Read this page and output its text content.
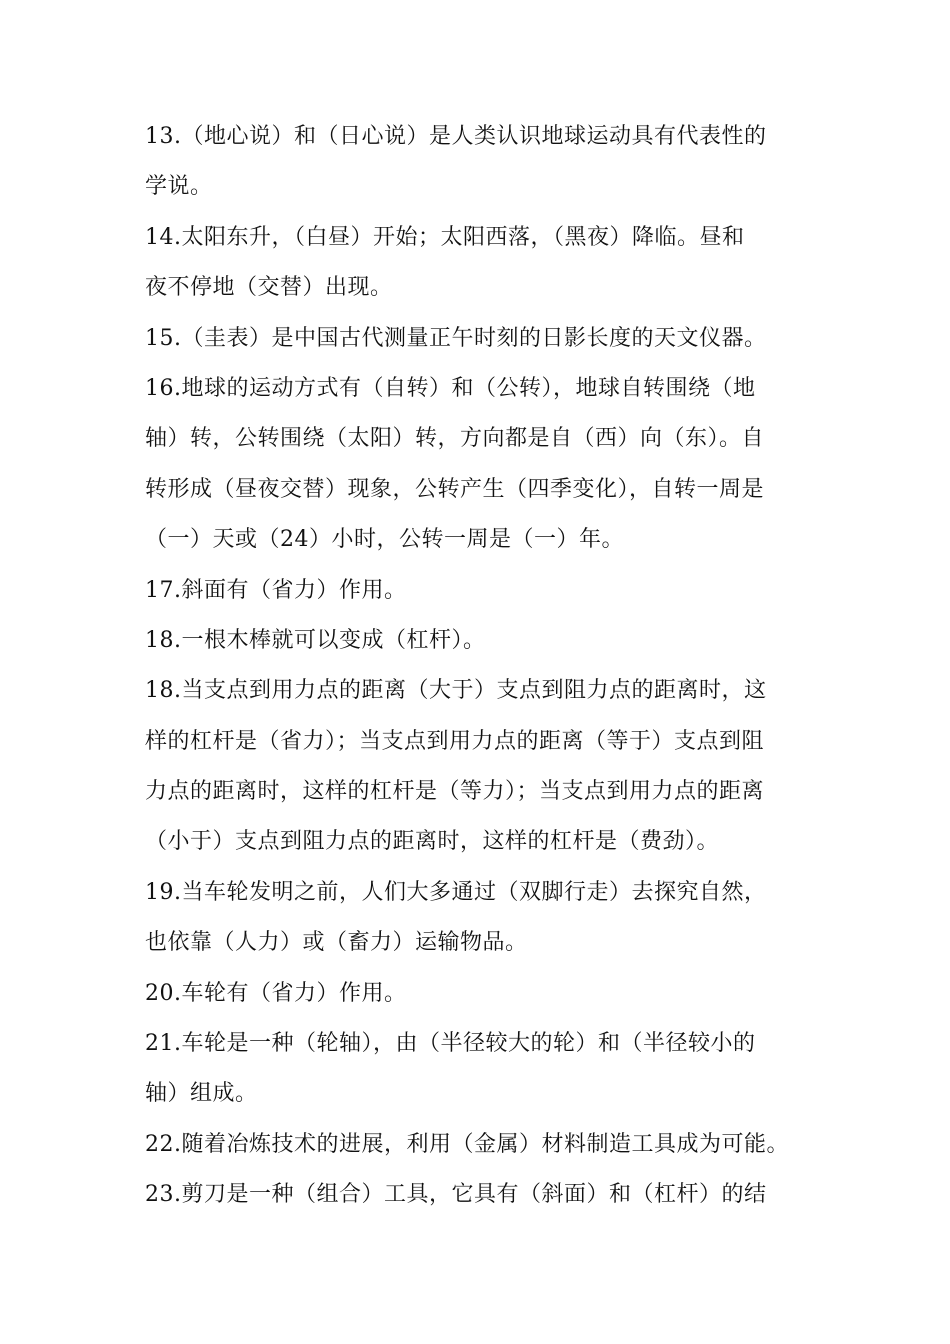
13.（地心说）和（日心说）是人类认识地球运动具有代表性的
学说。
14.太阳东升，（白昼）开始；太阳西落，（黑夜）降临。昼和
夜不停地（交替）出现。
15.（圭表）是中国古代测量正午时刻的日影长度的天文仪器。
16.地球的运动方式有（自转）和（公转），地球自转围绕（地
轴）转，公转围绕（太阳）转，方向都是自（西）向（东）。自
转形成（昼夜交替）现象，公转产生（四季变化），自转一周是
（一）天或（24）小时，公转一周是（一）年。
17.斜面有（省力）作用。
18.一根木棒就可以变成（杠杆）。
18.当支点到用力点的距离（大于）支点到阻力点的距离时，这
样的杠杆是（省力）；当支点到用力点的距离（等于）支点到阻
力点的距离时，这样的杠杆是（等力）；当支点到用力点的距离
（小于）支点到阻力点的距离时，这样的杠杆是（费劲）。
19.当车轮发明之前，人们大多通过（双脚行走）去探究自然，
也依靠（人力）或（畜力）运输物品。
20.车轮有（省力）作用。
21.车轮是一种（轮轴），由（半径较大的轮）和（半径较小的
轴）组成。
22.随着冶炼技术的进展，利用（金属）材料制造工具成为可能。
23.剪刀是一种（组合）工具，它具有（斜面）和（杠杆）的结
